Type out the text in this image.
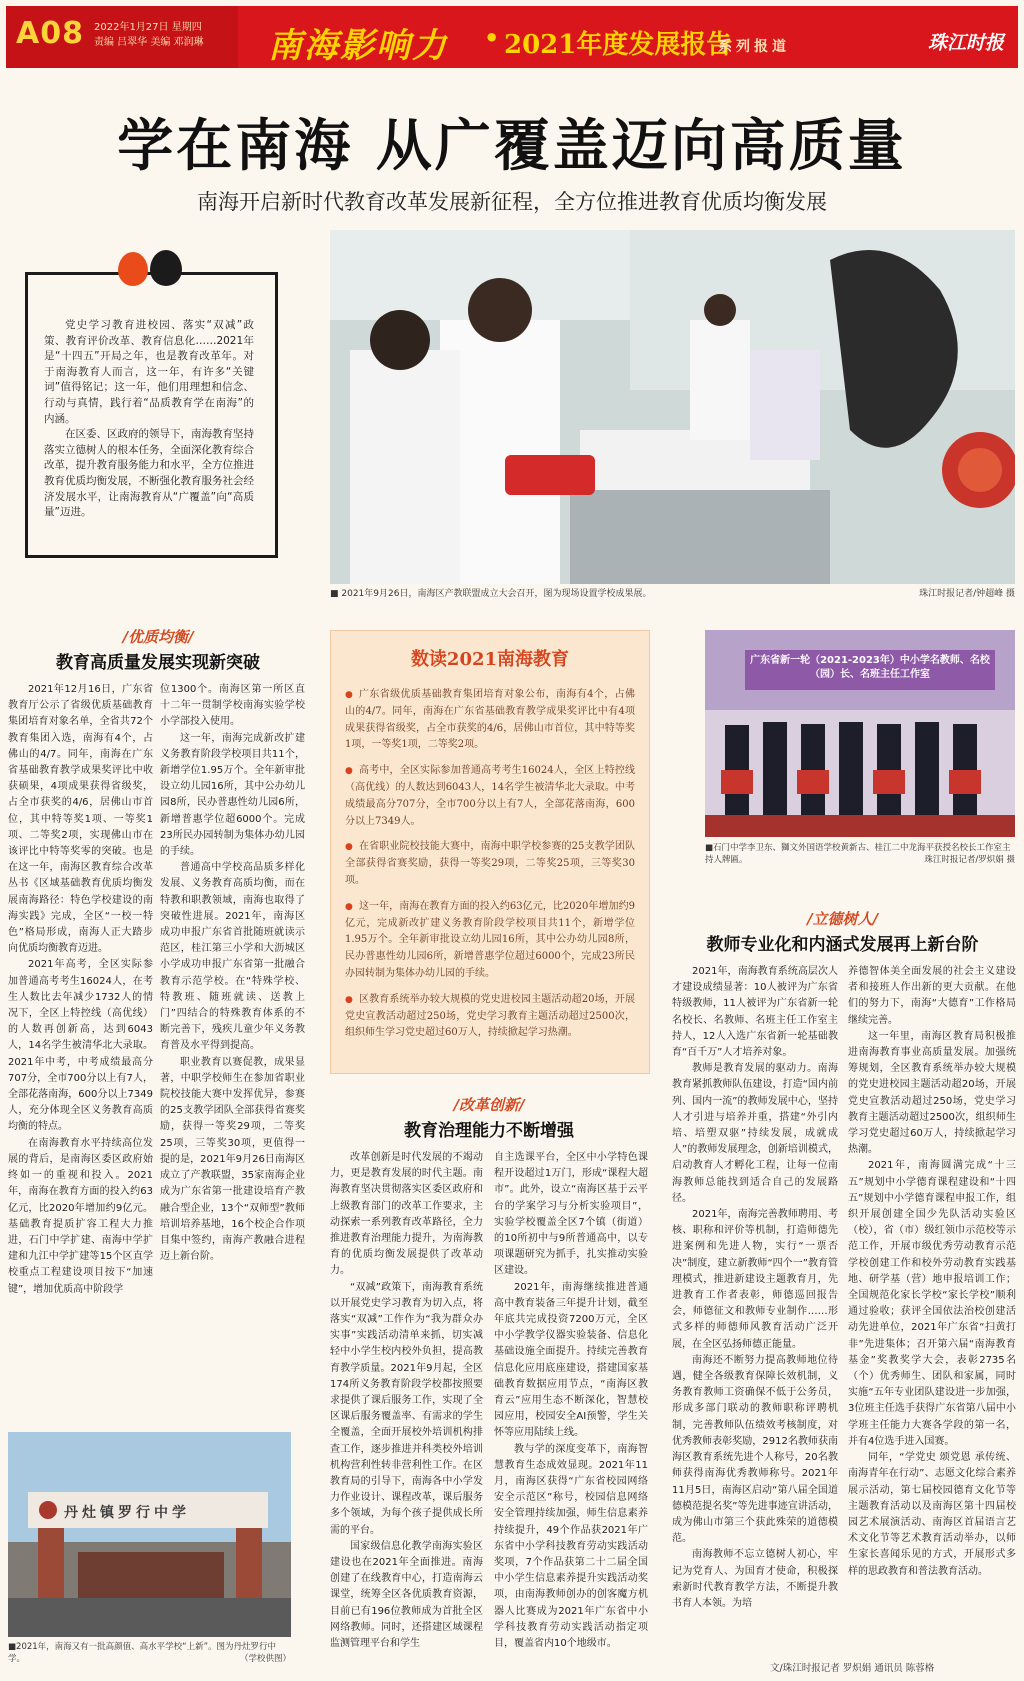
A08 2022年1月27日 星期四
责编 吕翠华 美编 邓润琳 南海影响力 • 2021年度发展报告
系列报道	珠江时报
学在南海 从广覆盖迈向高质量
南海开启新时代教育改革发展新征程，全方位推进教育优质均衡发展

党史学习教育进校园、落实“双减”政策、教育评价改革、教育信息化……2021年是“十四五”开局之年，也是教育改革年。对于南海教育人而言，这一年，有许多“关键词”值得铭记；这一年，他们用理想和信念、行动与真情，践行着“品质教育学在南海”的内涵。

在区委、区政府的领导下，南海教育坚持落实立德树人的根本任务，全面深化教育综合改革，提升教育服务能力和水平，全方位推进教育优质均衡发展，不断强化教育服务社会经济发展水平，让南海教育从“广覆盖”向“高质量”迈进。

■ 2021年9月26日，南海区产教联盟成立大会召开，图为现场设置学校成果展。	珠江时报记者/钟超峰 摄
/优质均衡/
教育高质量发展实现新突破

2021年12月16日，广东省教育厅公示了省级优质基础教育集团培育对象名单，全省共72个教育集团入选，南海有4个，占佛山的4/7。同年，南海在广东省基础教育教学成果奖评比中收获硕果，4项成果获得省级奖，占全市获奖的4/6，居佛山市首位，其中特等奖1项、一等奖1项、二等奖2项，实现佛山市在该评比中特等奖零的突破。也是在这一年，南海区教育综合改革丛书《区域基础教育优质均衡发展南海路径：特色学校建设的南海实践》完成，全区“一校一特色”格局形成，南海人正大踏步向优质均衡教育迈进。

2021年高考，全区实际参加普通高考考生16024人，在考生人数比去年减少1732人的情况下，全区上特控线（高优线）的人数再创新高，达到6043人，14名学生被清华北大录取。2021年中考，中考成绩最高分707分，全市700分以上有7人，全部花落南海，600分以上7349人，充分体现全区义务教育高质均衡的特点。

在南海教育水平持续高位发展的背后，是南海区委区政府始终如一的重视和投入。2021年，南海在教育方面的投入约63亿元，比2020年增加约9亿元。基础教育提质扩容工程大力推进，石门中学扩建、南海中学扩建和九江中学扩建等15个区直学校重点工程建设项目按下“加速键”，增加优质高中阶段学

位1300个。南海区第一所区直十二年一贯制学校南海实验学校小学部投入使用。

这一年，南海完成新改扩建义务教育阶段学校项目共11个，新增学位1.95万个。全年新审批设立幼儿园16所，其中公办幼儿园8所，民办普惠性幼儿园6所，新增普惠学位超6000个。完成23所民办园转制为集体办幼儿园的手续。

普通高中学校高品质多样化发展、义务教育高质均衡，而在特教和职教领域，南海也取得了突破性进展。2021年，南海区成功申报广东省首批随班就读示范区，桂江第三小学和大沥城区小学成功申报广东省第一批融合教育示范学校。在“特殊学校、特教班、随班就读、送教上门”四结合的特殊教育体系的不断完善下，残疾儿童少年义务教育普及水平得到提高。

职业教育以赛促教，成果显著，中职学校师生在参加省职业院校技能大赛中发挥优异，参赛的25支教学团队全部获得省赛奖励，获得一等奖29项，二等奖25项，三等奖30项，更值得一提的是，2021年9月26日南海区成立了产教联盟，35家南海企业成为广东省第一批建设培育产教融合型企业，13个“双师型”教师培训培养基地，16个校企合作项目集中签约，南海产教融合进程迈上新台阶。

数读2021南海教育

● 广东省级优质基础教育集团培育对象公布，南海有4个，占佛山的4/7。同年，南海在广东省基础教育教学成果奖评比中有4项成果获得省级奖，占全市获奖的4/6，居佛山市首位，其中特等奖1项，一等奖1项，二等奖2项。

● 高考中，全区实际参加普通高考考生16024人，全区上特控线（高优线）的人数达到6043人，14名学生被清华北大录取。中考成绩最高分707分，全市700分以上有7人，全部花落南海，600分以上7349人。

● 在省职业院校技能大赛中，南海中职学校参赛的25支教学团队全部获得省赛奖励，获得一等奖29项，二等奖25项，三等奖30项。

● 这一年，南海在教育方面的投入约63亿元，比2020年增加约9亿元，完成新改扩建义务教育阶段学校项目共11个，新增学位1.95万个。全年新审批设立幼儿园16所，其中公办幼儿园8所，民办普惠性幼儿园6所，新增普惠学位超过6000个，完成23所民办园转制为集体办幼儿园的手续。

● 区教育系统举办较大规模的党史进校园主题活动超20场，开展党史宣教活动超过250场，党史学习教育主题活动超过2500次，组织师生学习党史超过60万人，持续掀起学习热潮。

/改革创新/
教育治理能力不断增强

改革创新是时代发展的不竭动力，更是教育发展的时代主题。南海教育坚决贯彻落实区委区政府和上级教育部门的改革工作要求，主动探索一系列教育改革路径，全力推进教育治理能力提升，为南海教育的优质均衡发展提供了改革动力。

“双减”政策下，南海教育系统以开展党史学习教育为切入点，将落实“双减”工作作为“我为群众办实事”实践活动清单来抓，切实减轻中小学生校内校外负担，提高教育教学质量。2021年9月起，全区174所义务教育阶段学校都按照要求提供了课后服务工作，实现了全区课后服务覆盖率、有需求的学生全覆盖，全面开展校外培训机构排查工作，逐步推进并科类校外培训机构营利性转非营利性工作。在区教育局的引导下，南海各中小学发力作业设计、课程改革，课后服务多个领域，为每个孩子提供成长所需的平台。

国家级信息化教学南海实验区建设也在2021年全面推进。南海创建了在线教育中心，打造南海云课堂，统筹全区各优质教育资源，目前已有196位教师成为首批全区网络教师。同时，还搭建区域课程监测管理平台和学生

自主选课平台，全区中小学特色课程开设超过1万门，形成“课程大超市”。此外，设立“南海区基于云平台的学案学习与分析实验项目”，实验学校覆盖全区7个镇（街道）的10所初中与9所普通高中，以专项课题研究为抓手，扎实推动实验区建设。

2021年，南海继续推进普通高中教育装备三年提升计划，截至年底共完成投资7200万元，全区中小学教学仪器实验装备、信息化基础设施全面提升。持续完善教育信息化应用底座建设，搭建国家基础教育数据应用节点，“南海区教育云”应用生态不断深化，智慧校园应用，校园安全AI预警，学生关怀等应用陆续上线。

教与学的深度变革下，南海智慧教育生态成效显现。2021年11月，南海区获得“广东省校园网络安全示范区”称号，校园信息网络安全管理持续加强，师生信息素养持续提升，49个作品获2021年广东省中小学科技教育劳动实践活动奖项，7个作品获第二十二届全国中小学生信息素养提升实践活动奖项，由南海教师创办的创客魔方机器人比赛成为2021年广东省中小学科技教育劳动实践活动指定项目，覆盖省内10个地级市。

广东省新一轮（2021-2023年）中小学名教师、名校（园）长、名班主任工作室
■石门中学李卫东、獅文外国语学校黄新古、桂江二中龙海平获授名校长工作室主持人牌匾。	珠江时报记者/罗炽娟 摄
/立德树人/
教师专业化和内涵式发展再上新台阶

2021年，南海教育系统高层次人才建设成绩显著：10人被评为广东省特级教师，11人被评为广东省新一轮名校长、名教师、名班主任工作室主持人，12人入选广东省新一轮基础教育“百千万”人才培养对象。

教师是教育发展的驱动力。南海教育紧抓教师队伍建设，打造“国内前列、国内一流”的教师发展中心，坚持人才引进与培养并重，搭建“外引内培、培塑双驱”持续发展，成就成人”的教师发展理念，创新培训模式，启动教育人才孵化工程，让每一位南海教师总能找到适合自己的发展路径。

2021年，南海完善教师聘用、考核、职称和评价等机制，打造师德先进案例和先进人物，实行“一票否决”制度，建立新教师“四个一”教育管理模式，推进新建设主题教育月，先进教育工作者表彰，师德巡回报告会，师德征文和教师专业制作……形式多样的师德师风教育活动广泛开展，在全区弘扬师德正能量。

南海还不断努力提高教师地位待遇，健全各级教育保障长效机制，义务教育教师工资确保不低于公务员，形成多部门联动的教师职称评聘机制，完善教师队伍绩效考核制度，对优秀教师表彰奖励，2912名教师获南海区教育系统先进个人称号，20名教师获得南海优秀教师称号。2021年11月5日，南海区启动“第八届全国道德模范提名奖”等先进事迹宣讲活动，成为佛山市第三个获此殊荣的道德模范。

南海教师不忘立德树人初心，牢记为党育人、为国育才使命，积极探索新时代教育教学方法，不断提升教书育人本领。为培

养德智体美全面发展的社会主义建设者和接班人作出新的更大贡献。在他们的努力下，南海“大德育”工作格局继续完善。

这一年里，南海区教育局积极推进南海教育事业高质量发展。加强统筹规划，全区教育系统举办较大规模的党史进校园主题活动超20场，开展党史宣教活动超过250场，党史学习教育主题活动超过2500次，组织师生学习党史超过60万人，持续掀起学习热潮。

2021年，南海圆满完成“十三五”规划中小学德育课程建设和“十四五”规划中小学德育课程申报工作，组织开展创建全国少先队活动实验区（校），省（市）级红领巾示范校等示范工作，开展市级优秀劳动教育示范学校创建工作和校外劳动教育实践基地、研学基（营）地申报培训工作；全国规范化家长学校“家长学校”顺利通过验收；获评全国依法治校创建活动先进单位，2021年广东省“扫黄打非”先进集体；召开第六届“南海教育基金”奖教奖学大会，表彰2735名（个）优秀师生、团队和家属，同时实施“五年专业团队建设进一步加强，3位班主任选手获得广东省第八届中小学班主任能力大赛各学段的第一名，并有4位选手进入国赛。

同年，“学党史 颂党恩 承传统、南海青年在行动”、志愿文化综合素养展示活动，第七届校园德育文化节等主题教育活动以及南海区第十四届校园艺术展演活动、南海区首届语言艺术文化节等艺术教育活动举办，以师生家长喜闻乐见的方式，开展形式多样的思政教育和普法教育活动。

丹灶镇罗行中学
■2021年，南海又有一批高颜值、高水平学校“上新”。图为丹灶罗行中学。	（学校供图）
文/珠江时报记者 罗炽娟 通讯员 陈蓉格
